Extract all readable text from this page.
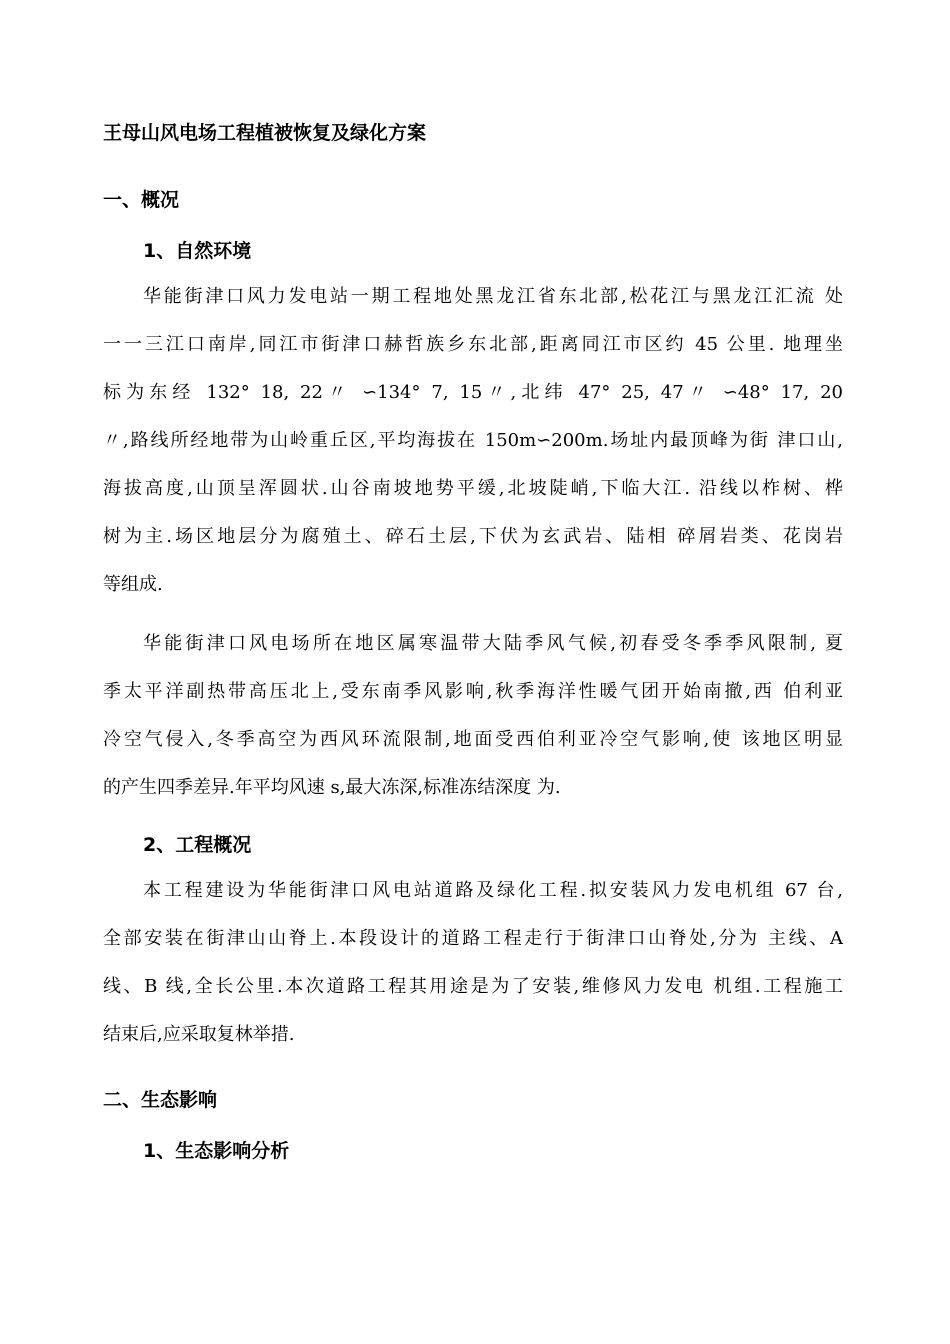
王母山风电场工程植被恢复及绿化方案
一、概况
1、自然环境
华能街津口风力发电站一期工程地处黑龙江省东北部,松花江与黑龙江汇流 处
一一三江口南岸,同江市街津口赫哲族乡东北部,距离同江市区约 45 公里. 地理坐
标为东经 132° 18, 22〃 ∽134° 7, 15〃,北纬 47° 25, 47〃 ∽48° 17, 20
〃,路线所经地带为山岭重丘区,平均海拔在 150m∽200m.场址内最顶峰为街 津口山,
海拔高度,山顶呈浑圆状.山谷南坡地势平缓,北坡陡峭,下临大江. 沿线以柞树、桦
树为主.场区地层分为腐殖土、碎石土层,下伏为玄武岩、陆相 碎屑岩类、花岗岩
等组成.
华能街津口风电场所在地区属寒温带大陆季风气候,初春受冬季季风限制, 夏
季太平洋副热带高压北上,受东南季风影响,秋季海洋性暖气团开始南撤,西 伯利亚
冷空气侵入,冬季高空为西风环流限制,地面受西伯利亚冷空气影响,使 该地区明显
的产生四季差异.年平均风速 s,最大冻深,标准冻结深度 为.
2、工程概况
本工程建设为华能街津口风电站道路及绿化工程.拟安装风力发电机组 67 台,
全部安装在街津山山脊上.本段设计的道路工程走行于街津口山脊处,分为 主线、A
线、B 线,全长公里.本次道路工程其用途是为了安装,维修风力发电 机组.工程施工
结束后,应采取复林举措.
二、生态影响
1、生态影响分析
